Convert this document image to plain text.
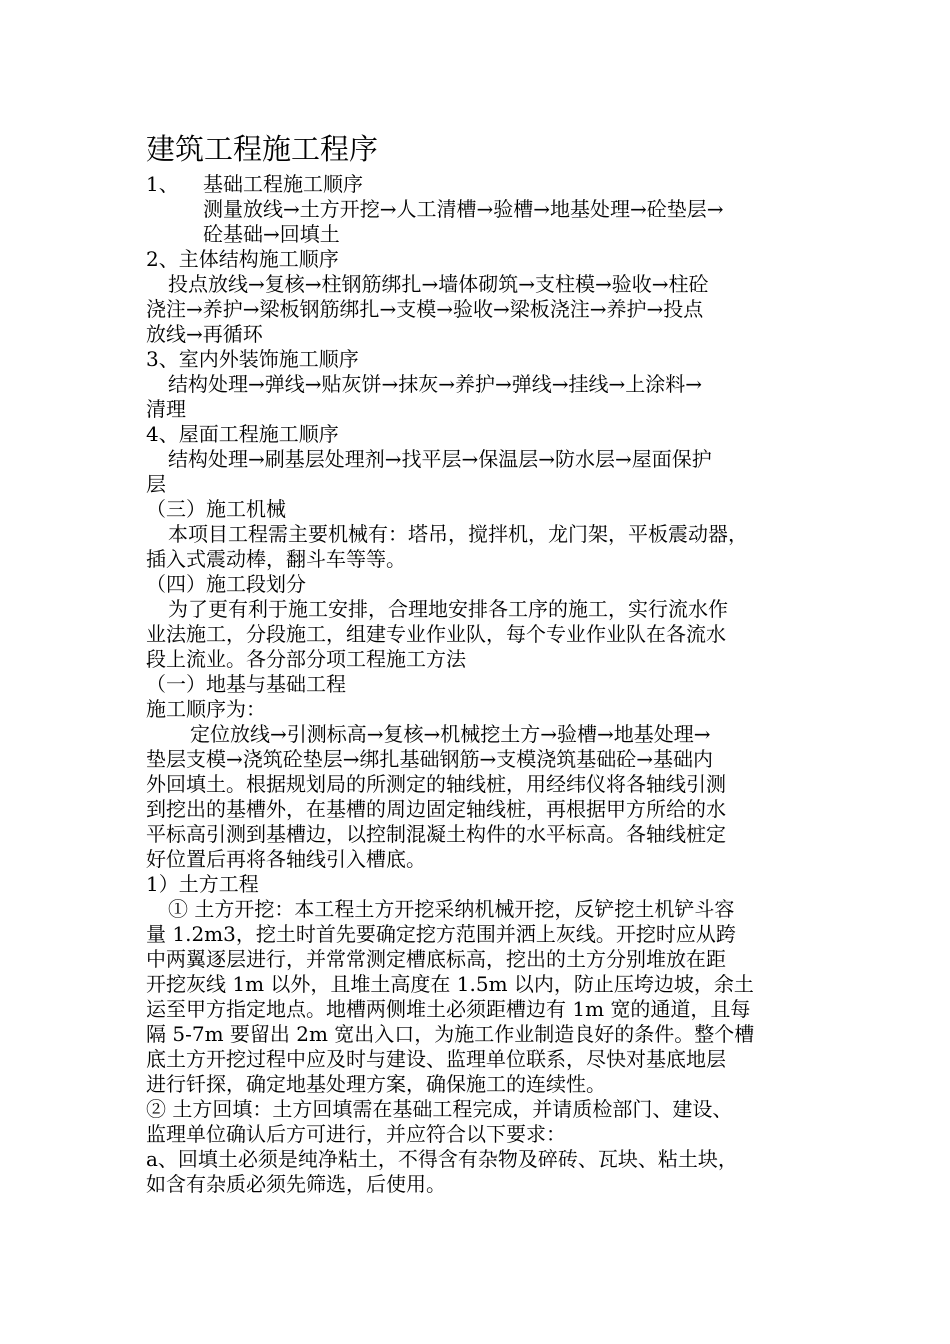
建筑工程施工程序
1、 基础工程施工顺序
测量放线→土方开挖→人工清槽→验槽→地基处理→砼垫层→
砼基础→回填土
2、主体结构施工顺序
投点放线→复核→柱钢筋绑扎→墙体砌筑→支柱模→验收→柱砼
浇注→养护→梁板钢筋绑扎→支模→验收→梁板浇注→养护→投点
放线→再循环
3、室内外装饰施工顺序
结构处理→弹线→贴灰饼→抹灰→养护→弹线→挂线→上涂料→
清理
4、屋面工程施工顺序
结构处理→刷基层处理剂→找平层→保温层→防水层→屋面保护
层
（三）施工机械
本项目工程需主要机械有：塔吊，搅拌机，龙门架，平板震动器，
插入式震动棒，翻斗车等等。
（四）施工段划分
为了更有利于施工安排，合理地安排各工序的施工，实行流水作
业法施工，分段施工，组建专业作业队，每个专业作业队在各流水
段上流业。各分部分项工程施工方法
（一）地基与基础工程
施工顺序为：
定位放线→引测标高→复核→机械挖土方→验槽→地基处理→
垫层支模→浇筑砼垫层→绑扎基础钢筋→支模浇筑基础砼→基础内
外回填土。根据规划局的所测定的轴线桩，用经纬仪将各轴线引测
到挖出的基槽外，在基槽的周边固定轴线桩，再根据甲方所给的水
平标高引测到基槽边，以控制混凝土构件的水平标高。各轴线桩定
好位置后再将各轴线引入槽底。
1）土方工程
① 土方开挖：本工程土方开挖采纳机械开挖，反铲挖土机铲斗容
量 1.2m3，挖土时首先要确定挖方范围并洒上灰线。开挖时应从跨
中两翼逐层进行，并常常测定槽底标高，挖出的土方分别堆放在距
开挖灰线 1m 以外，且堆土高度在 1.5m 以内，防止压垮边坡，余土
运至甲方指定地点。地槽两侧堆土必须距槽边有 1m 宽的通道，且每
隔 5-7m 要留出 2m 宽出入口，为施工作业制造良好的条件。整个槽
底土方开挖过程中应及时与建设、监理单位联系，尽快对基底地层
进行钎探，确定地基处理方案，确保施工的连续性。
② 土方回填：土方回填需在基础工程完成，并请质检部门、建设、
监理单位确认后方可进行，并应符合以下要求：
a、回填土必须是纯净粘土，不得含有杂物及碎砖、瓦块、粘土块，
如含有杂质必须先筛选，后使用。
